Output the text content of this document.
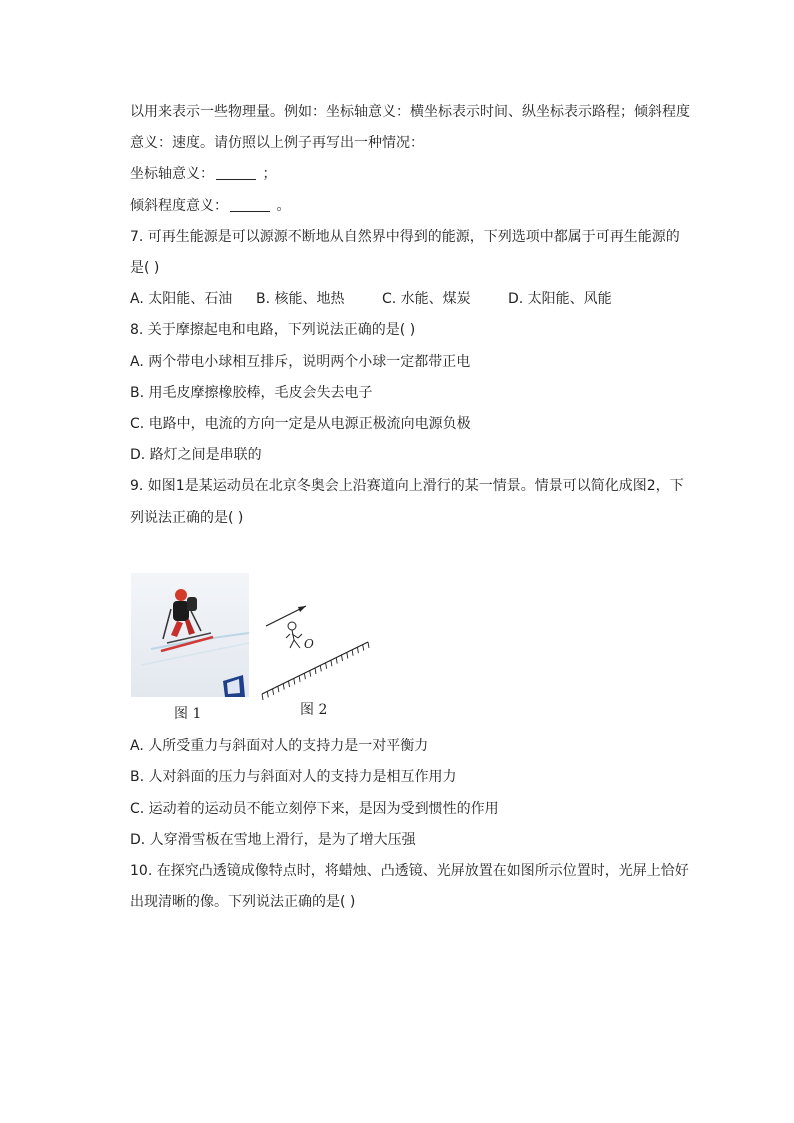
以用来表示一些物理量。例如：坐标轴意义：横坐标表示时间、纵坐标表示路程；倾斜程度
意义：速度。请仿照以上例子再写出一种情况：
坐标轴意义：	；
倾斜程度意义：	。
7. 可再生能源是可以源源不断地从自然界中得到的能源，下列选项中都属于可再生能源的
是( )
A. 太阳能、石油 B. 核能、地热	C. 水能、煤炭	D. 太阳能、风能
8. 关于摩擦起电和电路，下列说法正确的是( )
A. 两个带电小球相互排斥，说明两个小球一定都带正电
B. 用毛皮摩擦橡胶棒，毛皮会失去电子
C. 电路中，电流的方向一定是从电源正极流向电源负极
D. 路灯之间是串联的
9. 如图1是某运动员在北京冬奥会上沿赛道向上滑行的某一情景。情景可以简化成图2，下
列说法正确的是( )
图 1
O
图 2
A. 人所受重力与斜面对人的支持力是一对平衡力
B. 人对斜面的压力与斜面对人的支持力是相互作用力
C. 运动着的运动员不能立刻停下来，是因为受到惯性的作用
D. 人穿滑雪板在雪地上滑行，是为了增大压强
10. 在探究凸透镜成像特点时，将蜡烛、凸透镜、光屏放置在如图所示位置时，光屏上恰好
出现清晰的像。下列说法正确的是( )
